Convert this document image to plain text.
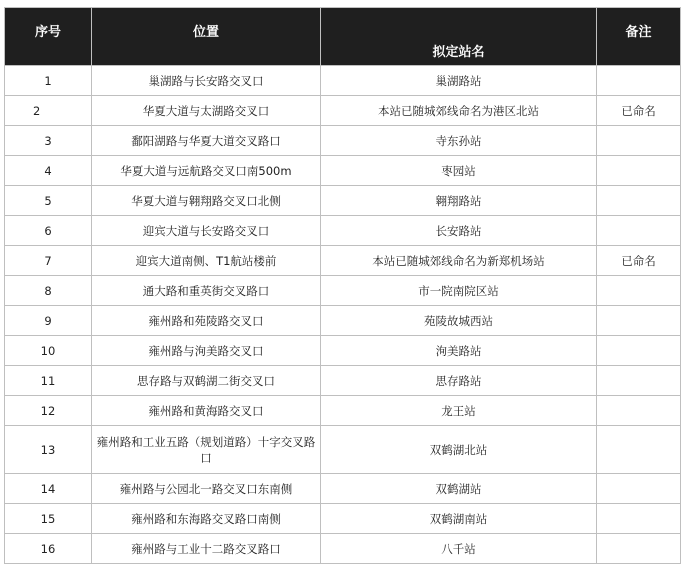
序号	位置	拟定站名	备注
1	巢湖路与长安路交叉口	巢湖路站	
2	华夏大道与太湖路交叉口	本站已随城郊线命名为港区北站	已命名
3	鄱阳湖路与华夏大道交叉路口	寺东孙站	
4	华夏大道与远航路交叉口南500m	枣园站	
5	华夏大道与翱翔路交叉口北侧	翱翔路站	
6	迎宾大道与长安路交叉口	长安路站	
7	迎宾大道南侧、T1航站楼前	本站已随城郊线命名为新郑机场站	已命名
8	通大路和重英街交叉路口	市一院南院区站	
9	雍州路和苑陵路交叉口	苑陵故城西站	
10	雍州路与洵美路交叉口	洵美路站	
11	思存路与双鹤湖二街交叉口	思存路站	
12	雍州路和黄海路交叉口	龙王站	
13	雍州路和工业五路（规划道路）十字交叉路口	双鹤湖北站	
14	雍州路与公园北一路交叉口东南侧	双鹤湖站	
15	雍州路和东海路交叉路口南侧	双鹤湖南站	
16	雍州路与工业十二路交叉路口	八千站	
